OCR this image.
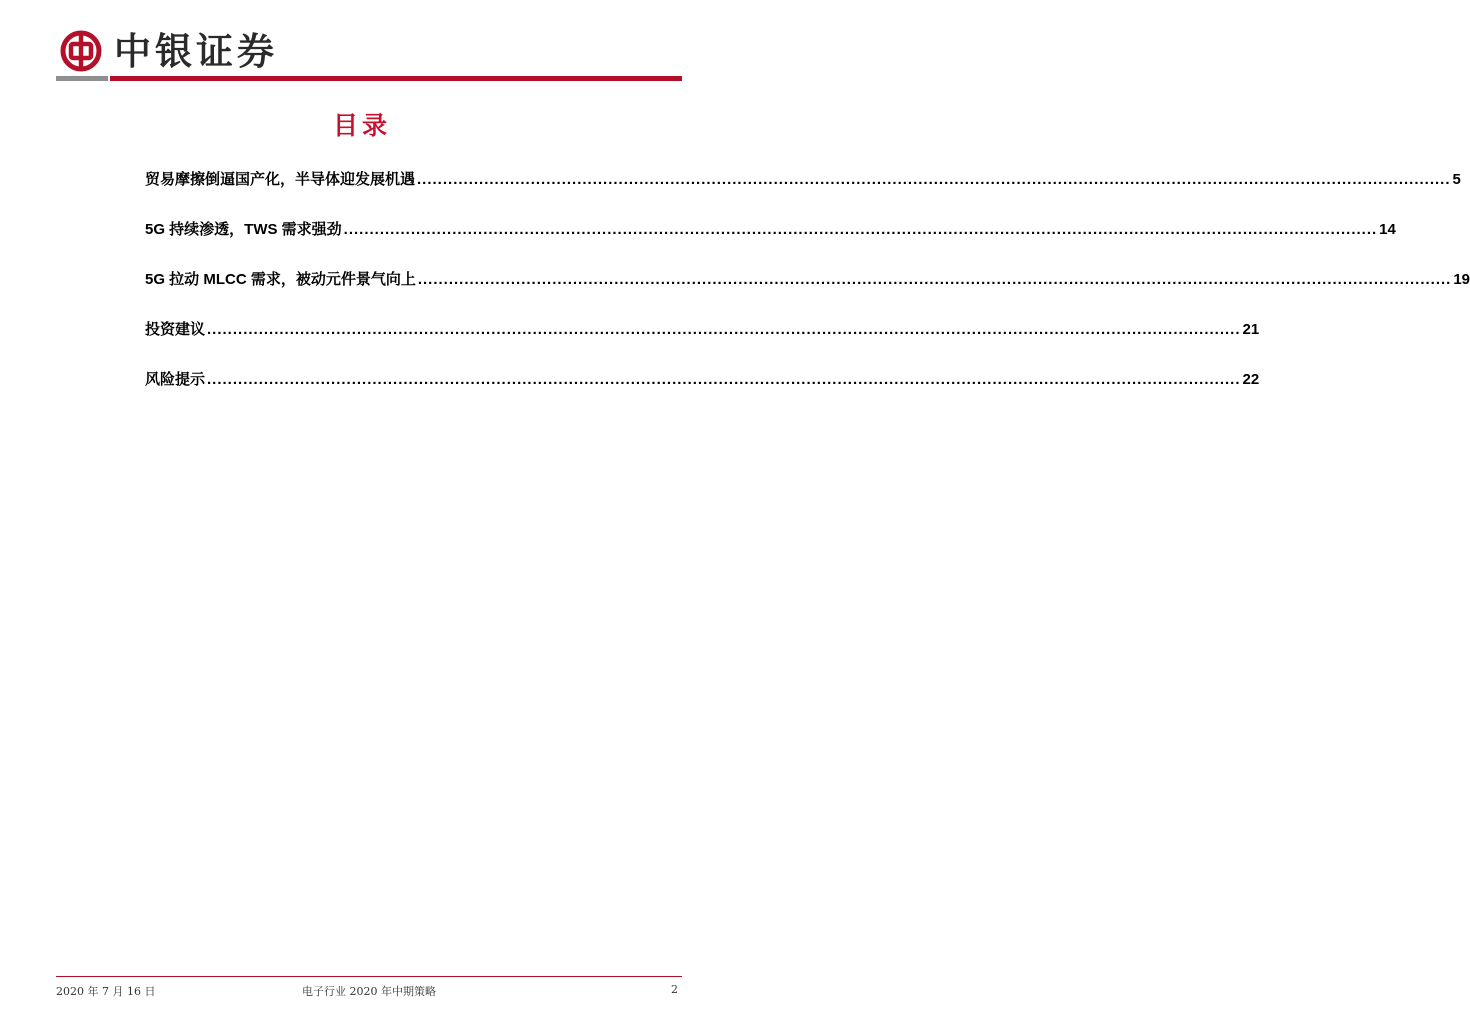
中银证券
目录
贸易摩擦倒逼国产化，半导体迎发展机遇 ........................................................................................................................................................................................................ 5
5G 持续渗透，TWS 需求强劲 ........................................................................................................................................................................................................ 14
5G 拉动 MLCC 需求，被动元件景气向上 ........................................................................................................................................................................................................ 19
投资建议 ........................................................................................................................................................................................................ 21
风险提示 ........................................................................................................................................................................................................ 22
2020 年 7 月 16 日	电子行业 2020 年中期策略	2
